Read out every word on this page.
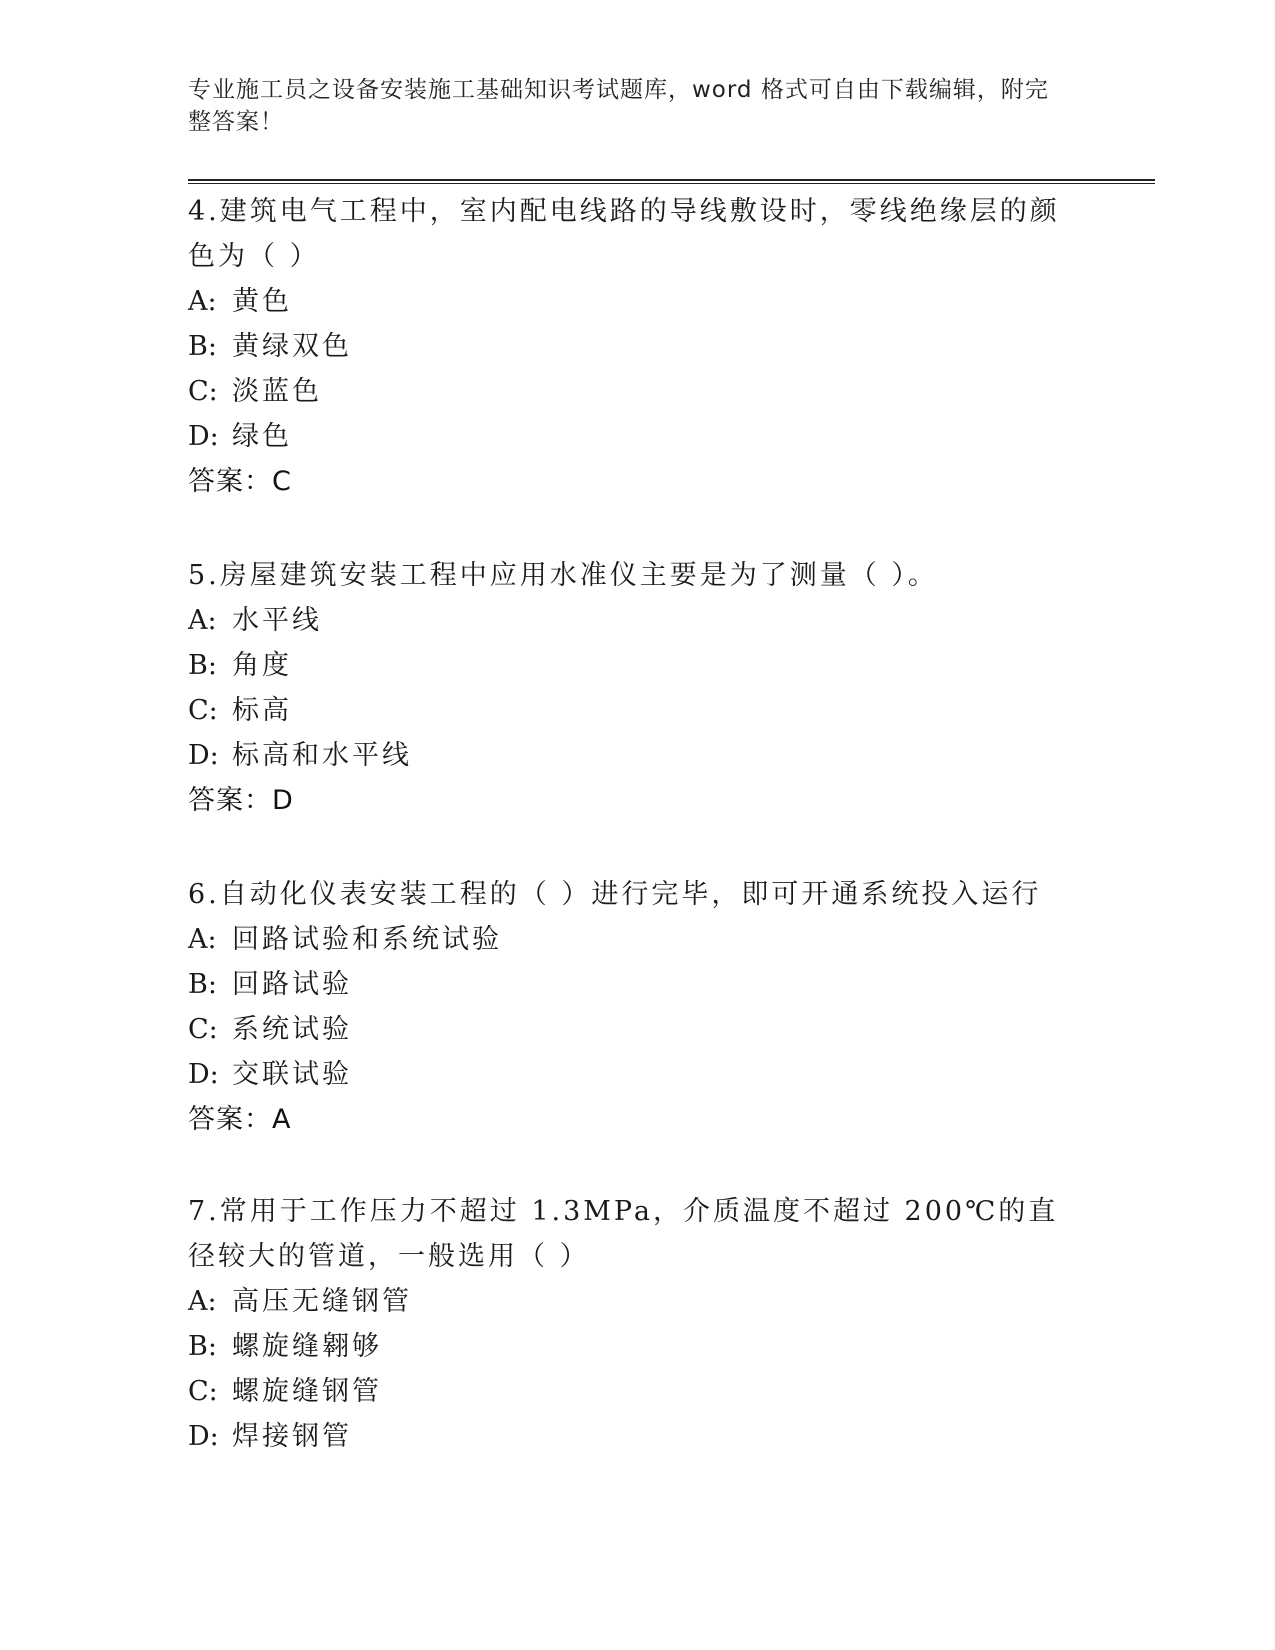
专业施工员之设备安装施工基础知识考试题库，word 格式可自由下载编辑，附完整答案！

4.建筑电气工程中，室内配电线路的导线敷设时，零线绝缘层的颜色为（ ）

A: 黄色
B: 黄绿双色
C: 淡蓝色
D: 绿色
答案：C

5.房屋建筑安装工程中应用水准仪主要是为了测量（ ）。

A: 水平线
B: 角度
C: 标高
D: 标高和水平线
答案：D

6.自动化仪表安装工程的（ ）进行完毕，即可开通系统投入运行

A: 回路试验和系统试验
B: 回路试验
C: 系统试验
D: 交联试验
答案：A

7.常用于工作压力不超过 1.3MPa，介质温度不超过 200℃的直径较大的管道，一般选用（ ）

A: 高压无缝钢管
B: 螺旋缝翱够
C: 螺旋缝钢管
D: 焊接钢管
